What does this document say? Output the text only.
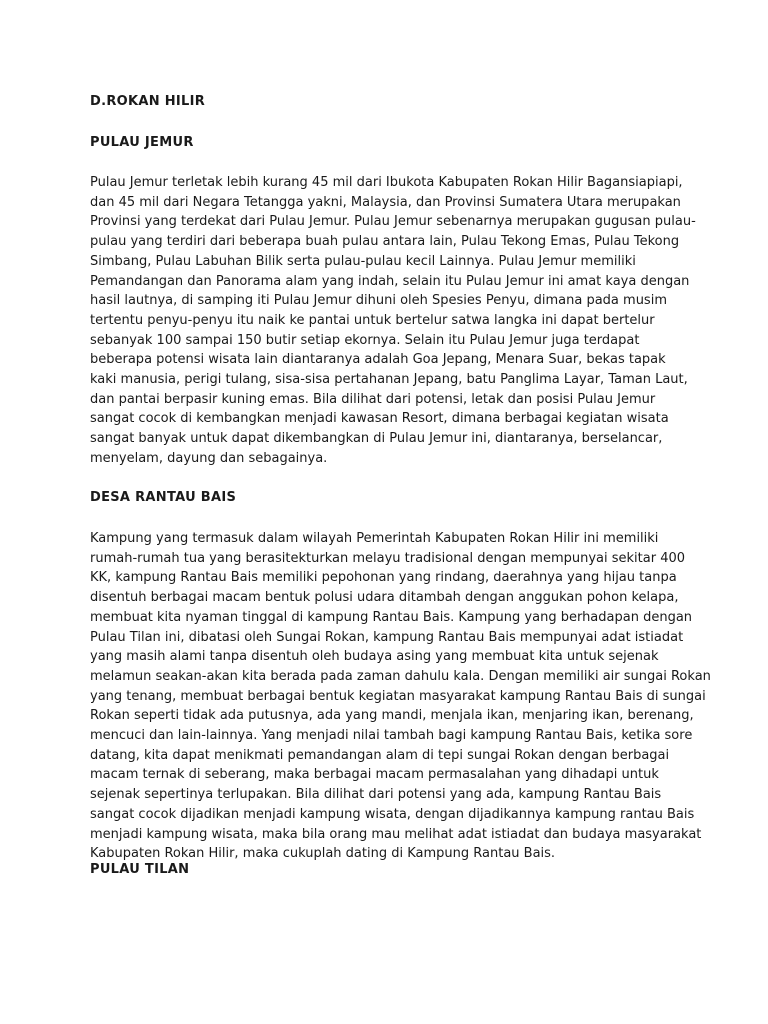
D.ROKAN HILIR
PULAU JEMUR
Pulau Jemur terletak lebih kurang 45 mil dari Ibukota Kabupaten Rokan Hilir Bagansiapiapi,
dan 45 mil dari Negara Tetangga yakni, Malaysia, dan Provinsi Sumatera Utara merupakan
Provinsi yang terdekat dari Pulau Jemur. Pulau Jemur sebenarnya merupakan gugusan pulau-
pulau yang terdiri dari beberapa buah pulau antara lain, Pulau Tekong Emas, Pulau Tekong
Simbang, Pulau Labuhan Bilik serta pulau-pulau kecil Lainnya. Pulau Jemur memiliki
Pemandangan dan Panorama alam yang indah, selain itu Pulau Jemur ini amat kaya dengan
hasil lautnya, di samping iti Pulau Jemur dihuni oleh Spesies Penyu, dimana pada musim
tertentu penyu-penyu itu naik ke pantai untuk bertelur satwa langka ini dapat bertelur
sebanyak 100 sampai 150 butir setiap ekornya. Selain itu Pulau Jemur juga terdapat
beberapa potensi wisata lain diantaranya adalah Goa Jepang, Menara Suar, bekas tapak
kaki manusia, perigi tulang, sisa-sisa pertahanan Jepang, batu Panglima Layar, Taman Laut,
dan pantai berpasir kuning emas. Bila dilihat dari potensi, letak dan posisi Pulau Jemur
sangat cocok di kembangkan menjadi kawasan Resort, dimana berbagai kegiatan wisata
sangat banyak untuk dapat dikembangkan di Pulau Jemur ini, diantaranya, berselancar,
menyelam, dayung dan sebagainya.
DESA RANTAU BAIS
Kampung yang termasuk dalam wilayah Pemerintah Kabupaten Rokan Hilir ini memiliki
rumah-rumah tua yang berasitekturkan melayu tradisional dengan mempunyai sekitar 400
KK, kampung Rantau Bais memiliki pepohonan yang rindang, daerahnya yang hijau tanpa
disentuh berbagai macam bentuk polusi udara ditambah dengan anggukan pohon kelapa,
membuat kita nyaman tinggal di kampung Rantau Bais. Kampung yang berhadapan dengan
Pulau Tilan ini, dibatasi oleh Sungai Rokan, kampung Rantau Bais mempunyai adat istiadat
yang masih alami tanpa disentuh oleh budaya asing yang membuat kita untuk sejenak
melamun seakan-akan kita berada pada zaman dahulu kala. Dengan memiliki air sungai Rokan
yang tenang, membuat berbagai bentuk kegiatan masyarakat kampung Rantau Bais di sungai
Rokan seperti tidak ada putusnya, ada yang mandi, menjala ikan, menjaring ikan, berenang,
mencuci dan lain-lainnya. Yang menjadi nilai tambah bagi kampung Rantau Bais, ketika sore
datang, kita dapat menikmati pemandangan alam di tepi sungai Rokan dengan berbagai
macam ternak di seberang, maka berbagai macam permasalahan yang dihadapi untuk
sejenak sepertinya terlupakan. Bila dilihat dari potensi yang ada, kampung Rantau Bais
sangat cocok dijadikan menjadi kampung wisata, dengan dijadikannya kampung rantau Bais
menjadi kampung wisata, maka bila orang mau melihat adat istiadat dan budaya masyarakat
Kabupaten Rokan Hilir, maka cukuplah dating di Kampung Rantau Bais.
PULAU TILAN
